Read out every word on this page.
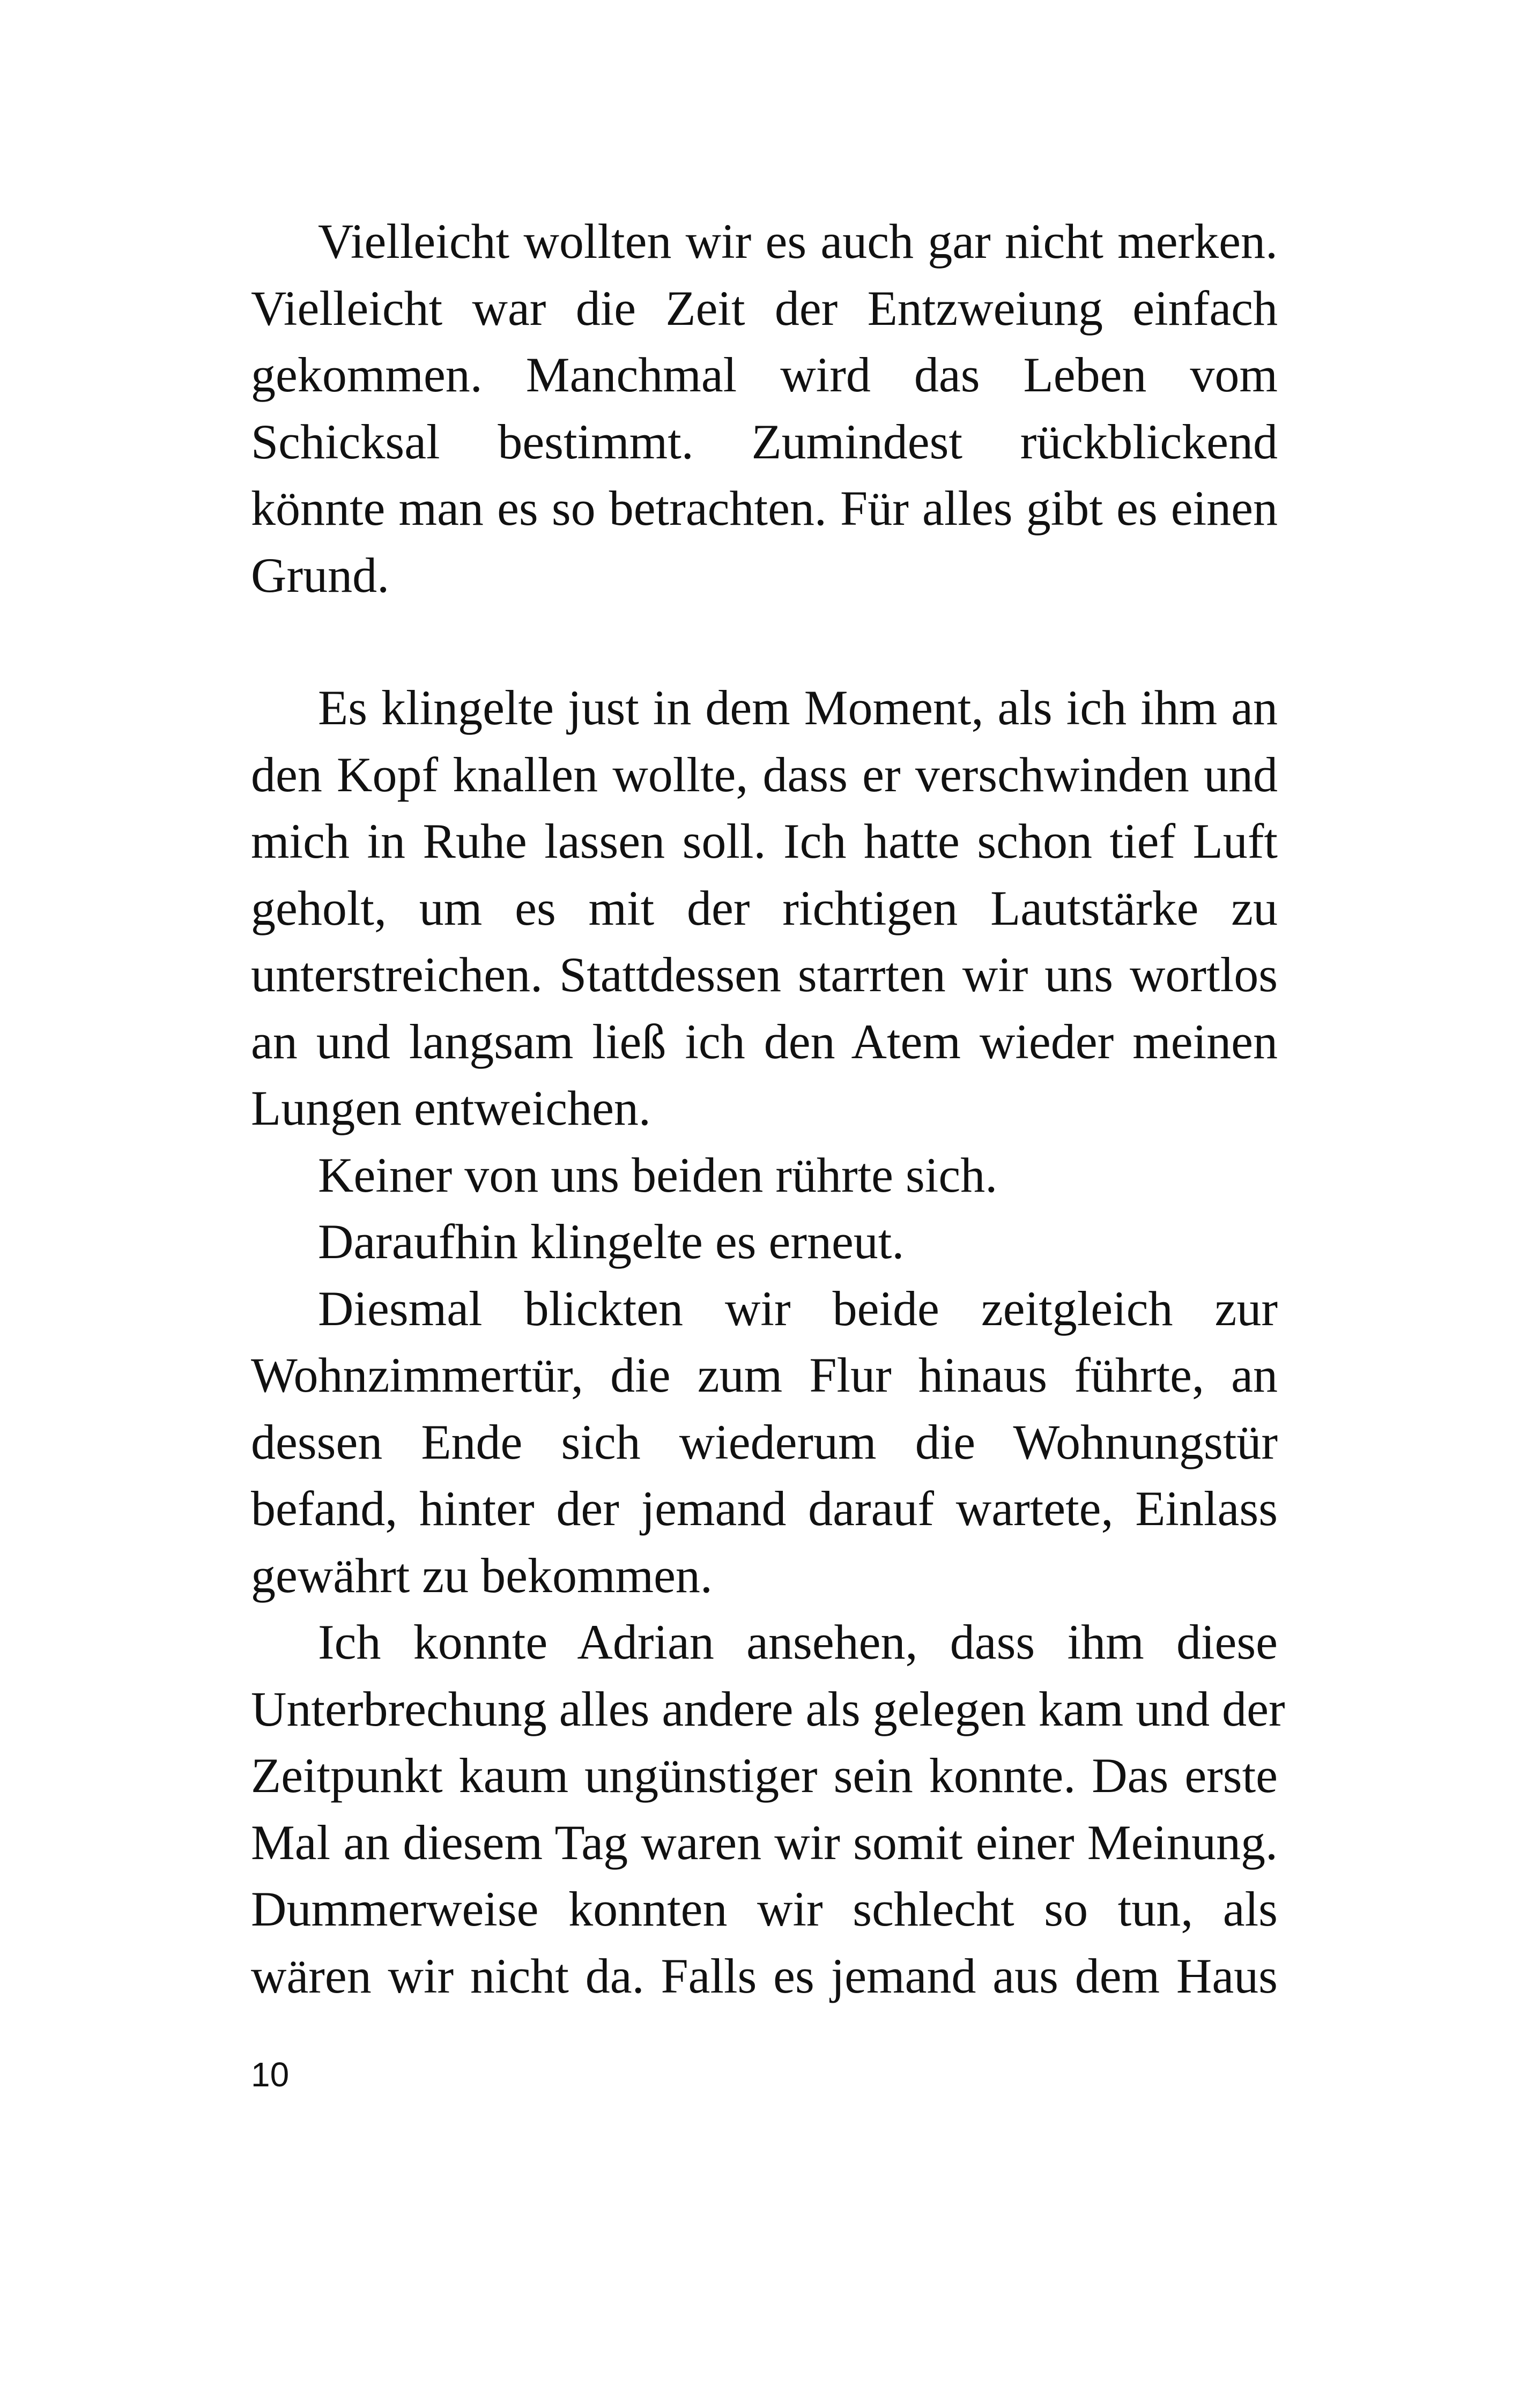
Vielleicht wollten wir es auch gar nicht merken.
Vielleicht war die Zeit der Entzweiung einfach
gekommen. Manchmal wird das Leben vom
Schicksal bestimmt. Zumindest rückblickend
könnte man es so betrachten. Für alles gibt es einen
Grund.
Es klingelte just in dem Moment, als ich ihm an
den Kopf knallen wollte, dass er verschwinden und
mich in Ruhe lassen soll. Ich hatte schon tief Luft
geholt, um es mit der richtigen Lautstärke zu
unterstreichen. Stattdessen starrten wir uns wortlos
an und langsam ließ ich den Atem wieder meinen
Lungen entweichen.
Keiner von uns beiden rührte sich.
Daraufhin klingelte es erneut.
Diesmal blickten wir beide zeitgleich zur
Wohnzimmertür, die zum Flur hinaus führte, an
dessen Ende sich wiederum die Wohnungstür
befand, hinter der jemand darauf wartete, Einlass
gewährt zu bekommen.
Ich konnte Adrian ansehen, dass ihm diese
Unterbrechung alles andere als gelegen kam und der
Zeitpunkt kaum ungünstiger sein konnte. Das erste
Mal an diesem Tag waren wir somit einer Meinung.
Dummerweise konnten wir schlecht so tun, als
wären wir nicht da. Falls es jemand aus dem Haus
10
